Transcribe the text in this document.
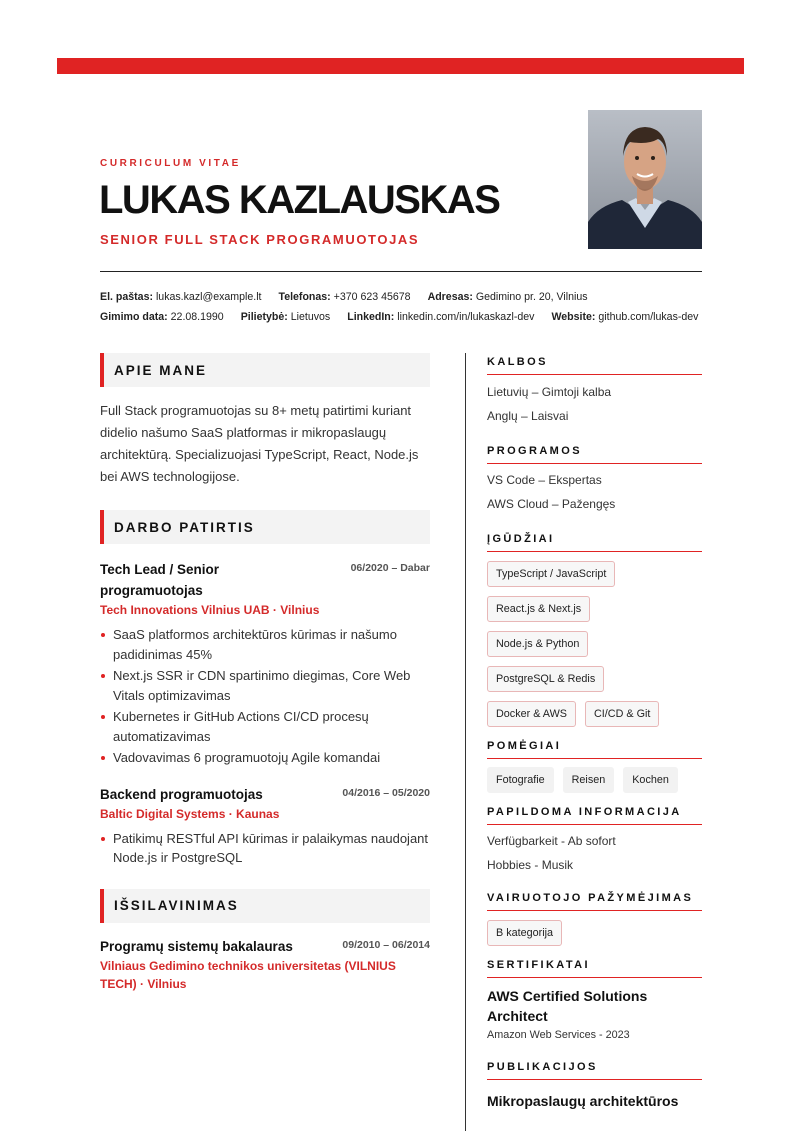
CURRICULUM VITAE
LUKAS KAZLAUSKAS
SENIOR FULL STACK PROGRAMUOTOJAS
El. paštas: lukas.kazl@example.lt Telefonas: +370 623 45678 Adresas: Gedimino pr. 20, Vilnius
Gimimo data: 22.08.1990 Pilietybė: Lietuvos LinkedIn: linkedin.com/in/lukaskazl-dev Website: github.com/lukas-dev
APIE MANE

Full Stack programuotojas su 8+ metų patirtimi kuriant didelio našumo SaaS platformas ir mikropaslaugų architektūrą. Specializuojasi TypeScript, React, Node.js bei AWS technologijose.

DARBO PATIRTIS
Tech Lead / Senior programuotojas
06/2020 – Dabar
Tech Innovations Vilnius UAB · Vilnius
SaaS platformos architektūros kūrimas ir našumo padidinimas 45%
Next.js SSR ir CDN spartinimo diegimas, Core Web Vitals optimizavimas
Kubernetes ir GitHub Actions CI/CD procesų automatizavimas
Vadovavimas 6 programuotojų Agile komandai
Backend programuotojas	04/2016 – 05/2020
Baltic Digital Systems · Kaunas
Patikimų RESTful API kūrimas ir palaikymas naudojant Node.js ir PostgreSQL
IŠSILAVINIMAS
Programų sistemų bakalauras	09/2010 – 06/2014
Vilniaus Gedimino technikos universitetas (VILNIUS TECH) · Vilnius
KALBOS
Lietuvių – Gimtoji kalba
Anglų – Laisvai
PROGRAMOS
VS Code – Ekspertas
AWS Cloud – Pažengęs
ĮGŪDŽIAI
TypeScript / JavaScript
React.js & Next.js
Node.js & Python
PostgreSQL & Redis
Docker & AWS	CI/CD & Git
POMĖGIAI
Fotografie	Reisen	Kochen
PAPILDOMA INFORMACIJA
Verfügbarkeit - Ab sofort
Hobbies - Musik
VAIRUOTOJO PAŽYMĖJIMAS
B kategorija
SERTIFIKATAI
AWS Certified Solutions Architect
Amazon Web Services - 2023
PUBLIKACIJOS
Mikropaslaugų architektūros
